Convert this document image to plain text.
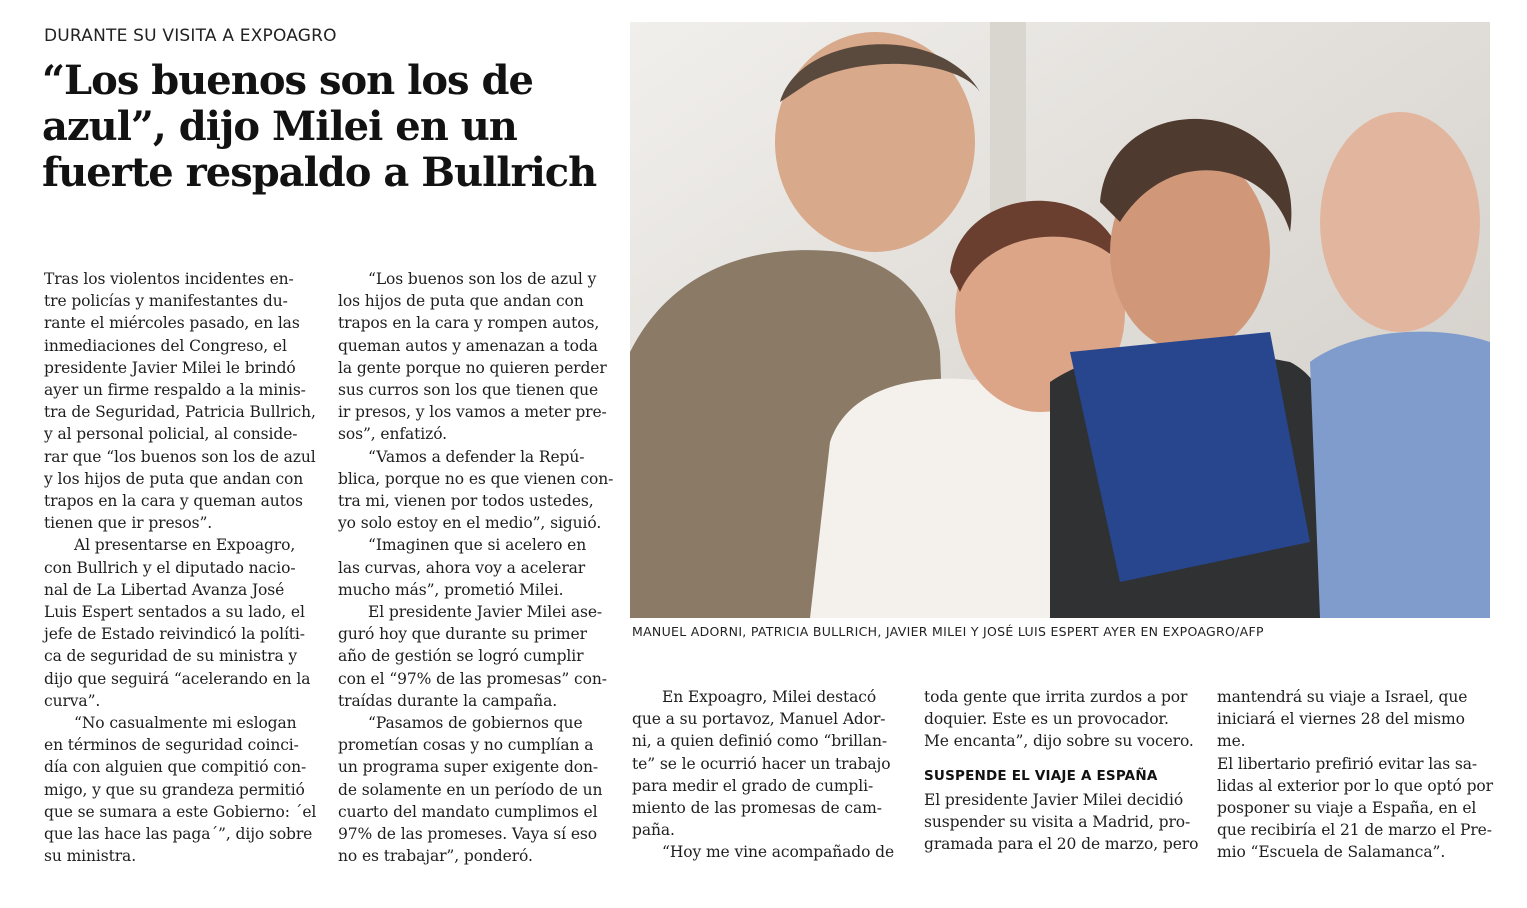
DURANTE SU VISITA A EXPOAGRO
“Los buenos son los de azul”, dijo Milei en un fuerte respaldo a Bullrich

Tras los violentos incidentes en-
tre policías y manifestantes du-
rante el miércoles pasado, en las
inmediaciones del Congreso, el
presidente Javier Milei le brindó
ayer un firme respaldo a la minis-
tra de Seguridad, Patricia Bullrich,
y al personal policial, al conside-
rar que “los buenos son los de azul
y los hijos de puta que andan con
trapos en la cara y queman autos
tienen que ir presos”.

Al presentarse en Expoagro,
con Bullrich y el diputado nacio-
nal de La Libertad Avanza José
Luis Espert sentados a su lado, el
jefe de Estado reivindicó la políti-
ca de seguridad de su ministra y
dijo que seguirá “acelerando en la
curva”.

“No casualmente mi eslogan
en términos de seguridad coinci-
día con alguien que compitió con-
migo, y que su grandeza permitió
que se sumara a este Gobierno: ´el
que las hace las paga´”, dijo sobre
su ministra.

“Los buenos son los de azul y
los hijos de puta que andan con
trapos en la cara y rompen autos,
queman autos y amenazan a toda
la gente porque no quieren perder
sus curros son los que tienen que
ir presos, y los vamos a meter pre-
sos”, enfatizó.

“Vamos a defender la Repú-
blica, porque no es que vienen con-
tra mi, vienen por todos ustedes,
yo solo estoy en el medio”, siguió.

“Imaginen que si acelero en
las curvas, ahora voy a acelerar
mucho más”, prometió Milei.

El presidente Javier Milei ase-
guró hoy que durante su primer
año de gestión se logró cumplir
con el “97% de las promesas” con-
traídas durante la campaña.

“Pasamos de gobiernos que
prometían cosas y no cumplían a
un programa super exigente don-
de solamente en un período de un
cuarto del mandato cumplimos el
97% de las promeses. Vaya sí eso
no es trabajar”, ponderó.

MANUEL ADORNI, PATRICIA BULLRICH, JAVIER MILEI Y JOSÉ LUIS ESPERT AYER EN EXPOAGRO/AFP

En Expoagro, Milei destacó
que a su portavoz, Manuel Ador-
ni, a quien definió como “brillan-
te” se le ocurrió hacer un trabajo
para medir el grado de cumpli-
miento de las promesas de cam-
paña.

“Hoy me vine acompañado de

toda gente que irrita zurdos a por
doquier. Este es un provocador.
Me encanta”, dijo sobre su vocero.

SUSPENDE EL VIAJE A ESPAÑA

El presidente Javier Milei decidió
suspender su visita a Madrid, pro-
gramada para el 20 de marzo, pero

mantendrá su viaje a Israel, que
iniciará el viernes 28 del mismo
me.

El libertario prefirió evitar las sa-
lidas al exterior por lo que optó por
posponer su viaje a España, en el
que recibiría el 21 de marzo el Pre-
mio “Escuela de Salamanca”.
